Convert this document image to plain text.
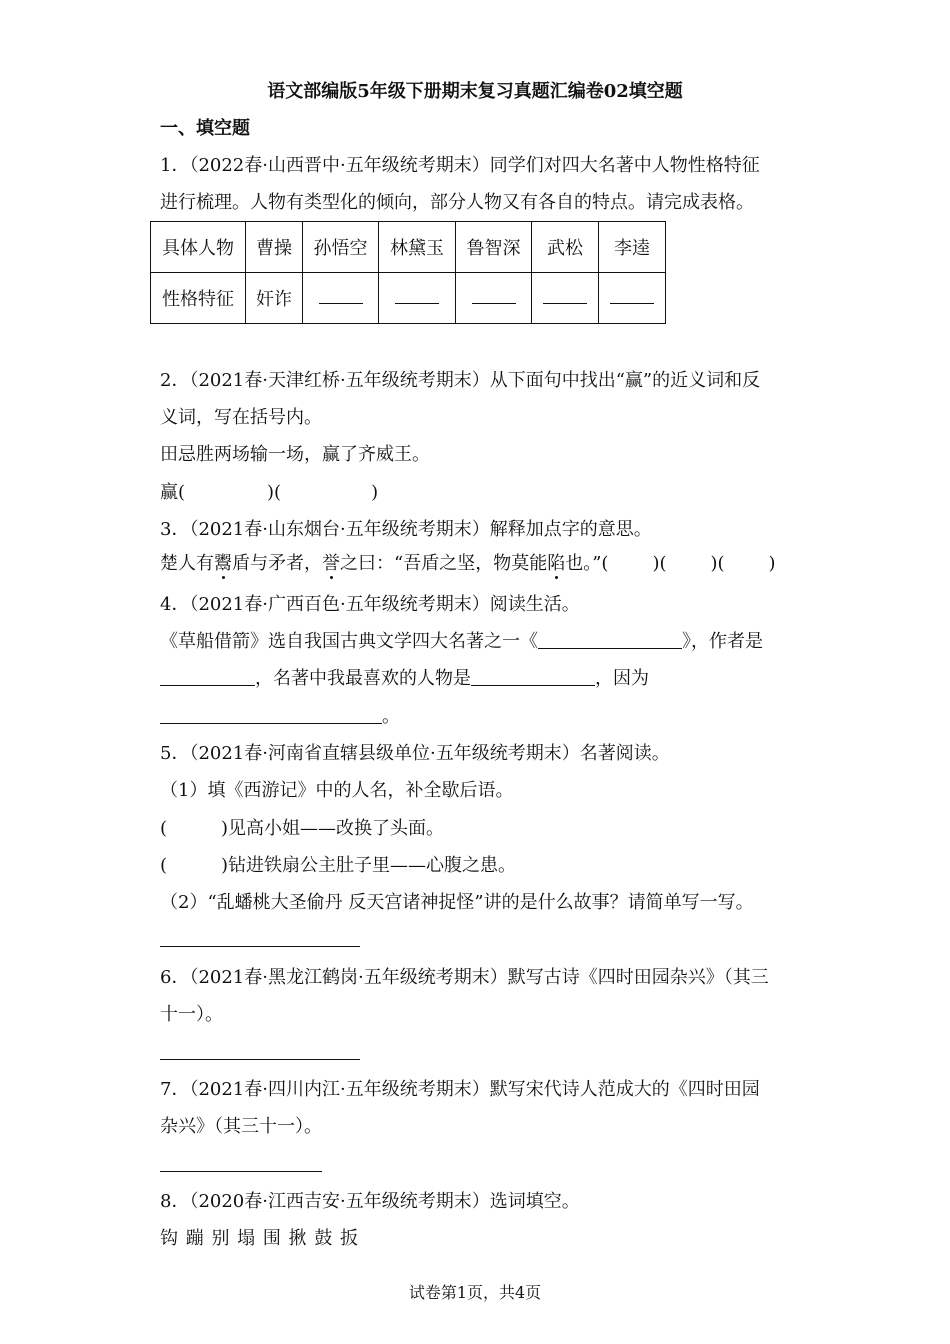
语文部编版5年级下册期末复习真题汇编卷02填空题
一、填空题
1．（2022春·山西晋中·五年级统考期末）同学们对四大名著中人物性格特征
进行梳理。人物有类型化的倾向，部分人物又有各自的特点。请完成表格。
具体人物	曹操	孙悟空	林黛玉	鲁智深	武松	李逵
性格特征	奸诈					
2．（2021春·天津红桥·五年级统考期末）从下面句中找出“赢”的近义词和反
义词，写在括号内。
田忌胜两场输一场，赢了齐威王。
赢(	)(	)
3．（2021春·山东烟台·五年级统考期末）解释加点字的意思。
楚人有鬻盾与矛者，誉之曰：“吾盾之坚，物莫能陷也。”( )( )( )
4．（2021春·广西百色·五年级统考期末）阅读生活。
《草船借箭》选自我国古典文学四大名著之一《	》，作者是
，名著中我最喜欢的人物是	，因为
。
5．（2021春·河南省直辖县级单位·五年级统考期末）名著阅读。
（1）填《西游记》中的人名，补全歇后语。
(	)见高小姐——改换了头面。
(	)钻进铁扇公主肚子里——心腹之患。
（2）“乱蟠桃大圣偷丹 反天宫诸神捉怪”讲的是什么故事？请简单写一写。
6．（2021春·黑龙江鹤岗·五年级统考期末）默写古诗《四时田园杂兴》（其三
十一）。
7．（2021春·四川内江·五年级统考期末）默写宋代诗人范成大的《四时田园
杂兴》（其三十一）。
8．（2020春·江西吉安·五年级统考期末）选词填空。
钩 蹦 别 塌 围 揪 鼓 扳
试卷第1页，共4页
